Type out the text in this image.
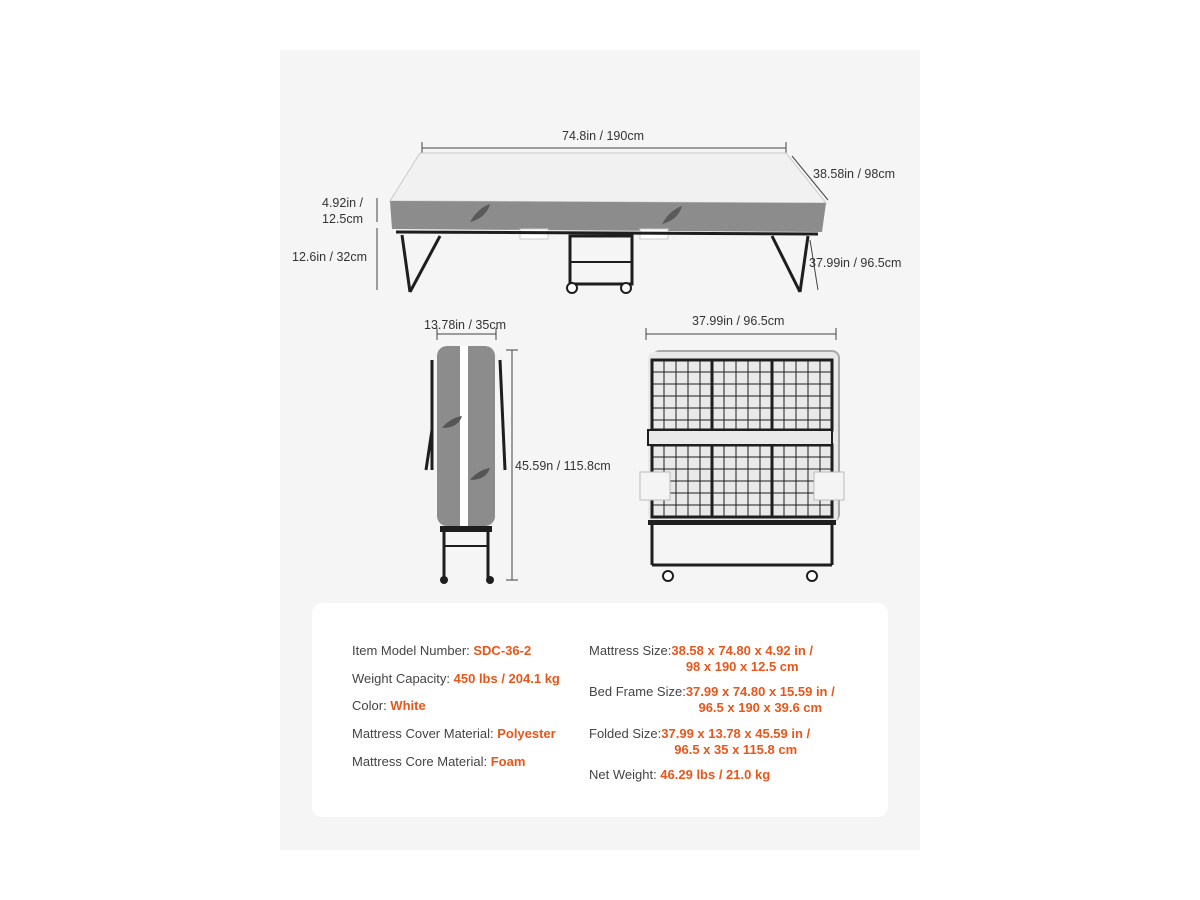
74.8in / 190cm
38.58in / 98cm
4.92in /
12.5cm
12.6in / 32cm	37.99in / 96.5cm
13.78in / 35cm
45.59n / 115.8cm
37.99in / 96.5cm
Item Model Number: SDC-36-2
Weight Capacity: 450 lbs / 204.1 kg
Color: White
Mattress Cover Material: Polyester
Mattress Core Material: Foam
Mattress Size: 38.58 x 74.80 x 4.92 in /
98 x 190 x 12.5 cm
Bed Frame Size: 37.99 x 74.80 x 15.59 in /
96.5 x 190 x 39.6 cm
Folded Size: 37.99 x 13.78 x 45.59 in /
96.5 x 35 x 115.8 cm
Net Weight: 46.29 lbs / 21.0 kg
